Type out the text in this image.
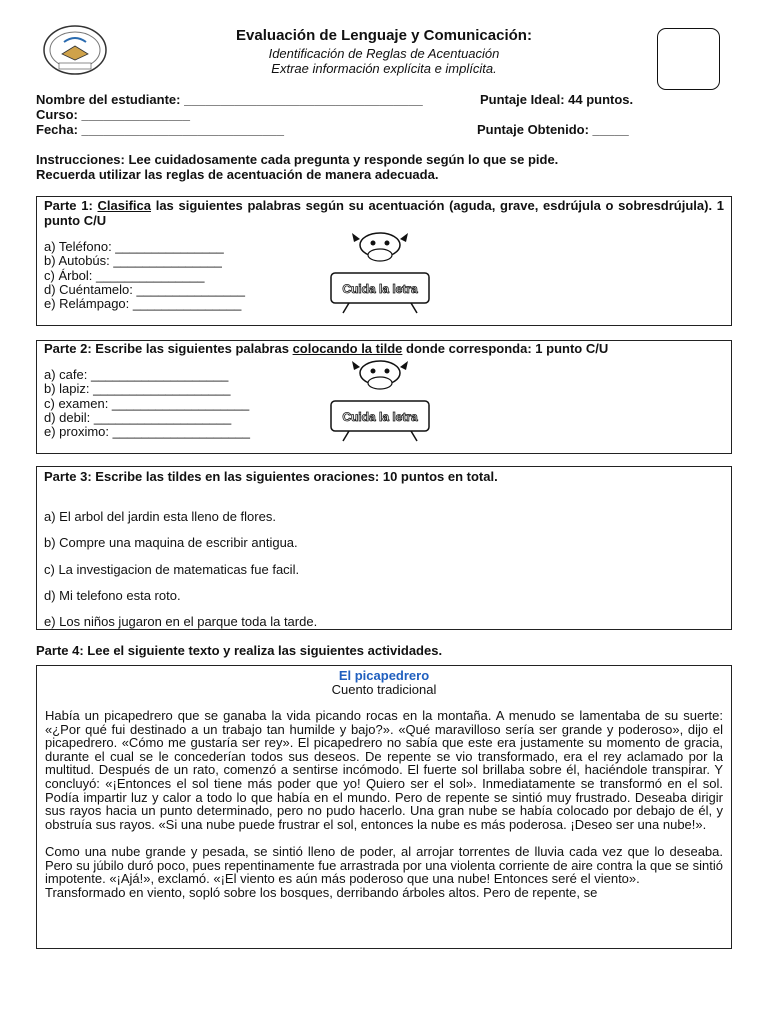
Evaluación de Lenguaje y Comunicación:
Identificación de Reglas de Acentuación
Extrae información explícita e implícita.
Nombre del estudiante: _________________________________	Puntaje Ideal: 44 puntos.
Curso: _______________
Fecha: ____________________________	Puntaje Obtenido: _____
Instrucciones: Lee cuidadosamente cada pregunta y responde según lo que se pide.
Recuerda utilizar las reglas de acentuación de manera adecuada.
Parte 1: Clasifica las siguientes palabras según su acentuación (aguda, grave, esdrújula o sobresdrújula). 1 punto C/U
a) Teléfono: _______________
b) Autobús: _______________
c) Árbol: _______________
d) Cuéntamelo: _______________
e) Relámpago: _______________
Cuida la letra
Parte 2: Escribe las siguientes palabras colocando la tilde donde corresponda: 1 punto C/U
a) cafe: ___________________
b) lapiz: ___________________
c) examen: ___________________
d) debil: ___________________
e) proximo: ___________________
Cuida la letra
Parte 3: Escribe las tildes en las siguientes oraciones: 10 puntos en total.
a) El arbol del jardin esta lleno de flores.
b) Compre una maquina de escribir antigua.
c) La investigacion de matematicas fue facil.
d) Mi telefono esta roto.
e) Los niños jugaron en el parque toda la tarde.
Parte 4: Lee el siguiente texto y realiza las siguientes actividades.
El picapedrero
Cuento tradicional

Había un picapedrero que se ganaba la vida picando rocas en la montaña. A menudo se lamentaba de su suerte: «¿Por qué fui destinado a un trabajo tan humilde y bajo?». «Qué maravilloso sería ser grande y poderoso», dijo el picapedrero. «Cómo me gustaría ser rey». El picapedrero no sabía que este era justamente su momento de gracia, durante el cual se le concederían todos sus deseos. De repente se vio transformado, era el rey aclamado por la multitud. Después de un rato, comenzó a sentirse incómodo. El fuerte sol brillaba sobre él, haciéndole transpirar. Y concluyó: «¡Entonces el sol tiene más poder que yo! Quiero ser el sol». Inmediatamente se transformó en el sol. Podía impartir luz y calor a todo lo que había en el mundo. Pero de repente se sintió muy frustrado. Deseaba dirigir sus rayos hacia un punto determinado, pero no pudo hacerlo. Una gran nube se había colocado por debajo de él, y obstruía sus rayos. «Si una nube puede frustrar el sol, entonces la nube es más poderosa. ¡Deseo ser una nube!».

Como una nube grande y pesada, se sintió lleno de poder, al arrojar torrentes de lluvia cada vez que lo deseaba. Pero su júbilo duró poco, pues repentinamente fue arrastrada por una violenta corriente de aire contra la que se sintió impotente. «¡Ajá!», exclamó. «¡El viento es aún más poderoso que una nube! Entonces seré el viento».

Transformado en viento, sopló sobre los bosques, derribando árboles altos. Pero de repente, se
